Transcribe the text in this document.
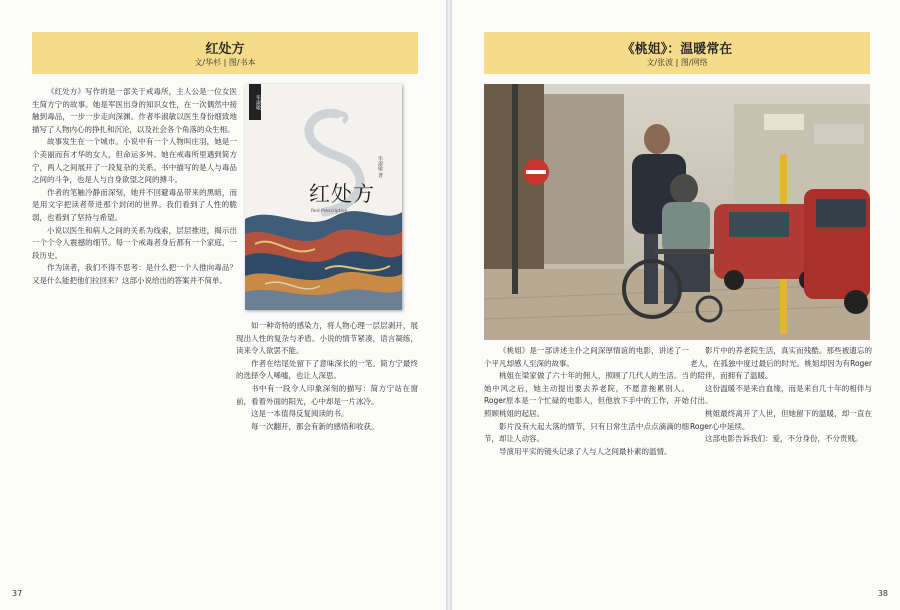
红处方
文/华杉 | 图/书本

《红处方》写作的是一部关于戒毒所，主人公是一位女医生简方宁的故事。她是军医出身的知识女性，在一次偶然中接触到毒品，一步一步走向深渊。作者毕淑敏以医生身份细致地描写了人物内心的挣扎和沉沦，以及社会各个角落的众生相。

故事发生在一个城市。小说中有一个人物叫庄羽，她是一个美丽而有才华的女人，但命运多舛。她在戒毒所里遇到简方宁，两人之间展开了一段复杂的关系。书中描写的是人与毒品之间的斗争，也是人与自身欲望之间的搏斗。

作者的笔触冷静而深刻，她并不回避毒品带来的黑暗，而是用文字把读者带进那个封闭的世界。我们看到了人性的脆弱，也看到了坚持与希望。

小说以医生和病人之间的关系为线索，层层推进，揭示出一个个令人震撼的细节。每一个戒毒者身后都有一个家庭，一段历史。

作为读者，我们不得不思考：是什么把一个人推向毒品？又是什么能把他们拉回来？这部小说给出的答案并不简单。

毕淑敏
毕淑敏 著
红处方
Red Prescription

如一种奇特的感染力，将人物心理一层层剥开，展现出人性的复杂与矛盾。小说的情节紧凑，语言凝练，读来令人欲罢不能。

作者在结尾处留下了意味深长的一笔。简方宁最终的选择令人唏嘘，也让人深思。

书中有一段令人印象深刻的描写：简方宁站在窗前，看着外面的阳光，心中却是一片冰冷。

这是一本值得反复阅读的书。

每一次翻开，都会有新的感悟和收获。

37
《桃姐》：温暖常在
文/张波 | 图/网络

《桃姐》是一部讲述主仆之间深厚情谊的电影，讲述了一个平凡却感人至深的故事。

桃姐在梁家做了六十年的佣人，照顾了几代人的生活。当她中风之后，她主动提出要去养老院，不愿意拖累别人。Roger原本是一个忙碌的电影人，但他放下手中的工作，开始照顾桃姐的起居。

影片没有大起大落的情节，只有日常生活中点点滴滴的细节，却让人动容。

导演用平实的镜头记录了人与人之间最朴素的温情。

影片中的养老院生活，真实而残酷。那些被遗忘的老人，在孤独中度过最后的时光。桃姐却因为有Roger的陪伴，而拥有了温暖。

这份温暖不是来自血缘，而是来自几十年的相伴与付出。

桃姐最终离开了人世，但她留下的温暖，却一直在Roger心中延续。

这部电影告诉我们：爱，不分身份，不分贵贱。

38
